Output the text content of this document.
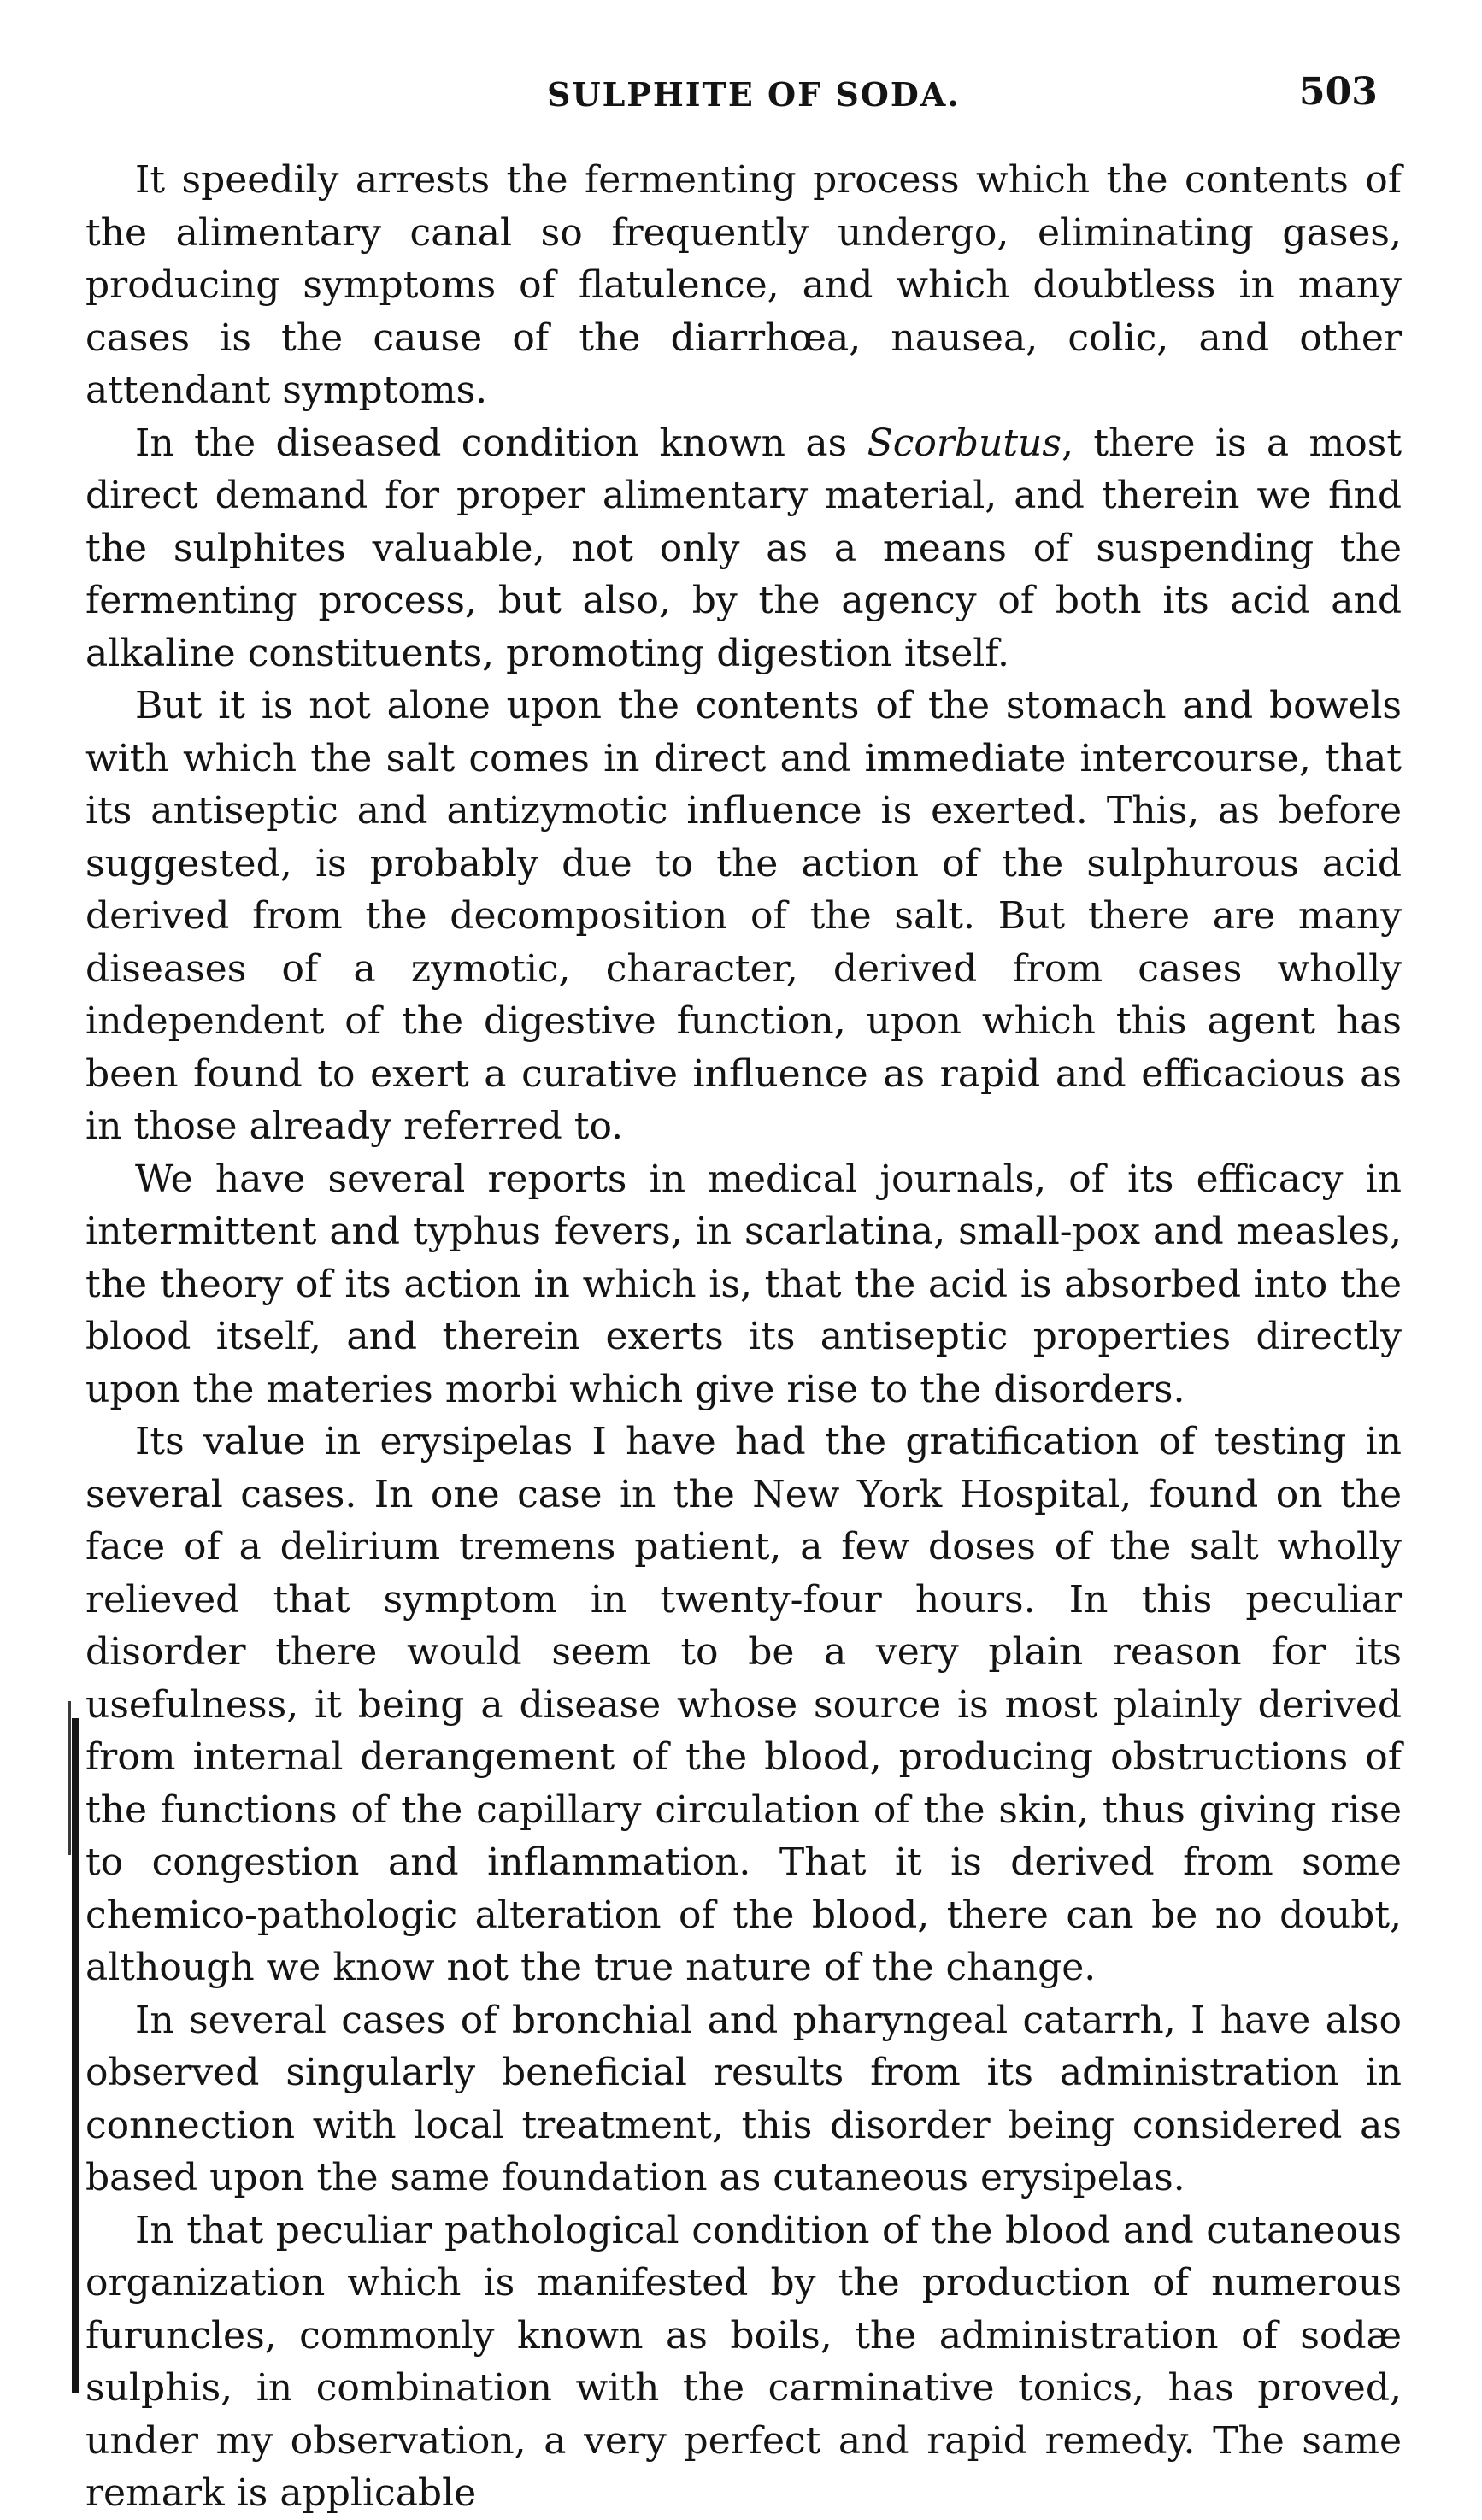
SULPHITE OF SODA.	503

It speedily arrests the fermenting process which the contents of the alimentary canal so frequently undergo, eliminating gases, producing symptoms of flatulence, and which doubtless in many cases is the cause of the diarrhœa, nausea, colic, and other attendant symptoms.

In the diseased condition known as Scorbutus, there is a most direct demand for proper alimentary material, and therein we find the sulphites valuable, not only as a means of suspending the fermenting process, but also, by the agency of both its acid and alkaline constituents, promoting digestion itself.

But it is not alone upon the contents of the stomach and bowels with which the salt comes in direct and immediate intercourse, that its antiseptic and antizymotic influence is exerted. This, as before suggested, is probably due to the action of the sulphurous acid derived from the decomposition of the salt. But there are many diseases of a zymotic, character, derived from cases wholly independent of the digestive function, upon which this agent has been found to exert a curative influence as rapid and efficacious as in those already referred to.

We have several reports in medical journals, of its efficacy in intermittent and typhus fevers, in scarlatina, small-pox and measles, the theory of its action in which is, that the acid is absorbed into the blood itself, and therein exerts its antiseptic properties directly upon the materies morbi which give rise to the disorders.

Its value in erysipelas I have had the gratification of testing in several cases. In one case in the New York Hospital, found on the face of a delirium tremens patient, a few doses of the salt wholly relieved that symptom in twenty-four hours. In this peculiar disorder there would seem to be a very plain reason for its usefulness, it being a disease whose source is most plainly derived from internal derangement of the blood, producing obstructions of the functions of the capillary circulation of the skin, thus giving rise to congestion and inflammation. That it is derived from some chemico-pathologic alteration of the blood, there can be no doubt, although we know not the true nature of the change.

In several cases of bronchial and pharyngeal catarrh, I have also observed singularly beneficial results from its administration in connection with local treatment, this disorder being considered as based upon the same foundation as cutaneous erysipelas.

In that peculiar pathological condition of the blood and cutaneous organization which is manifested by the production of numerous furuncles, commonly known as boils, the administration of sodæ sulphis, in combination with the carminative tonics, has proved, under my observation, a very perfect and rapid remedy. The same remark is applicable
